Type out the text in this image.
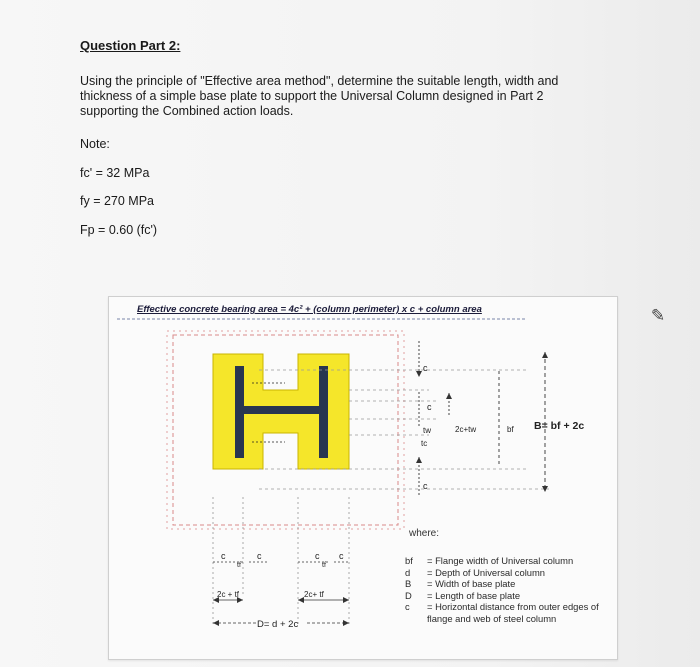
Question Part 2:
Using the principle of "Effective area method", determine the suitable length, width and thickness of a simple base plate to support the Universal Column designed in Part 2 supporting the Combined action loads.
Note:
fc' = 32 MPa
fy = 270 MPa
Fp = 0.60 (fc')
c
c
tw
tc
2c+tw	bf B= bf + 2c
c
c	c	c c
tf	tf
2c + tf	2c+ tf
D= d + 2c
Effective concrete bearing area = 4c² + (column perimeter) x c + column area
where:
bf	= Flange width of Universal column
d	= Depth of Universal column
B	= Width of base plate
D	= Length of base plate
c	= Horizontal distance from outer edges of flange and web of steel column
✎
